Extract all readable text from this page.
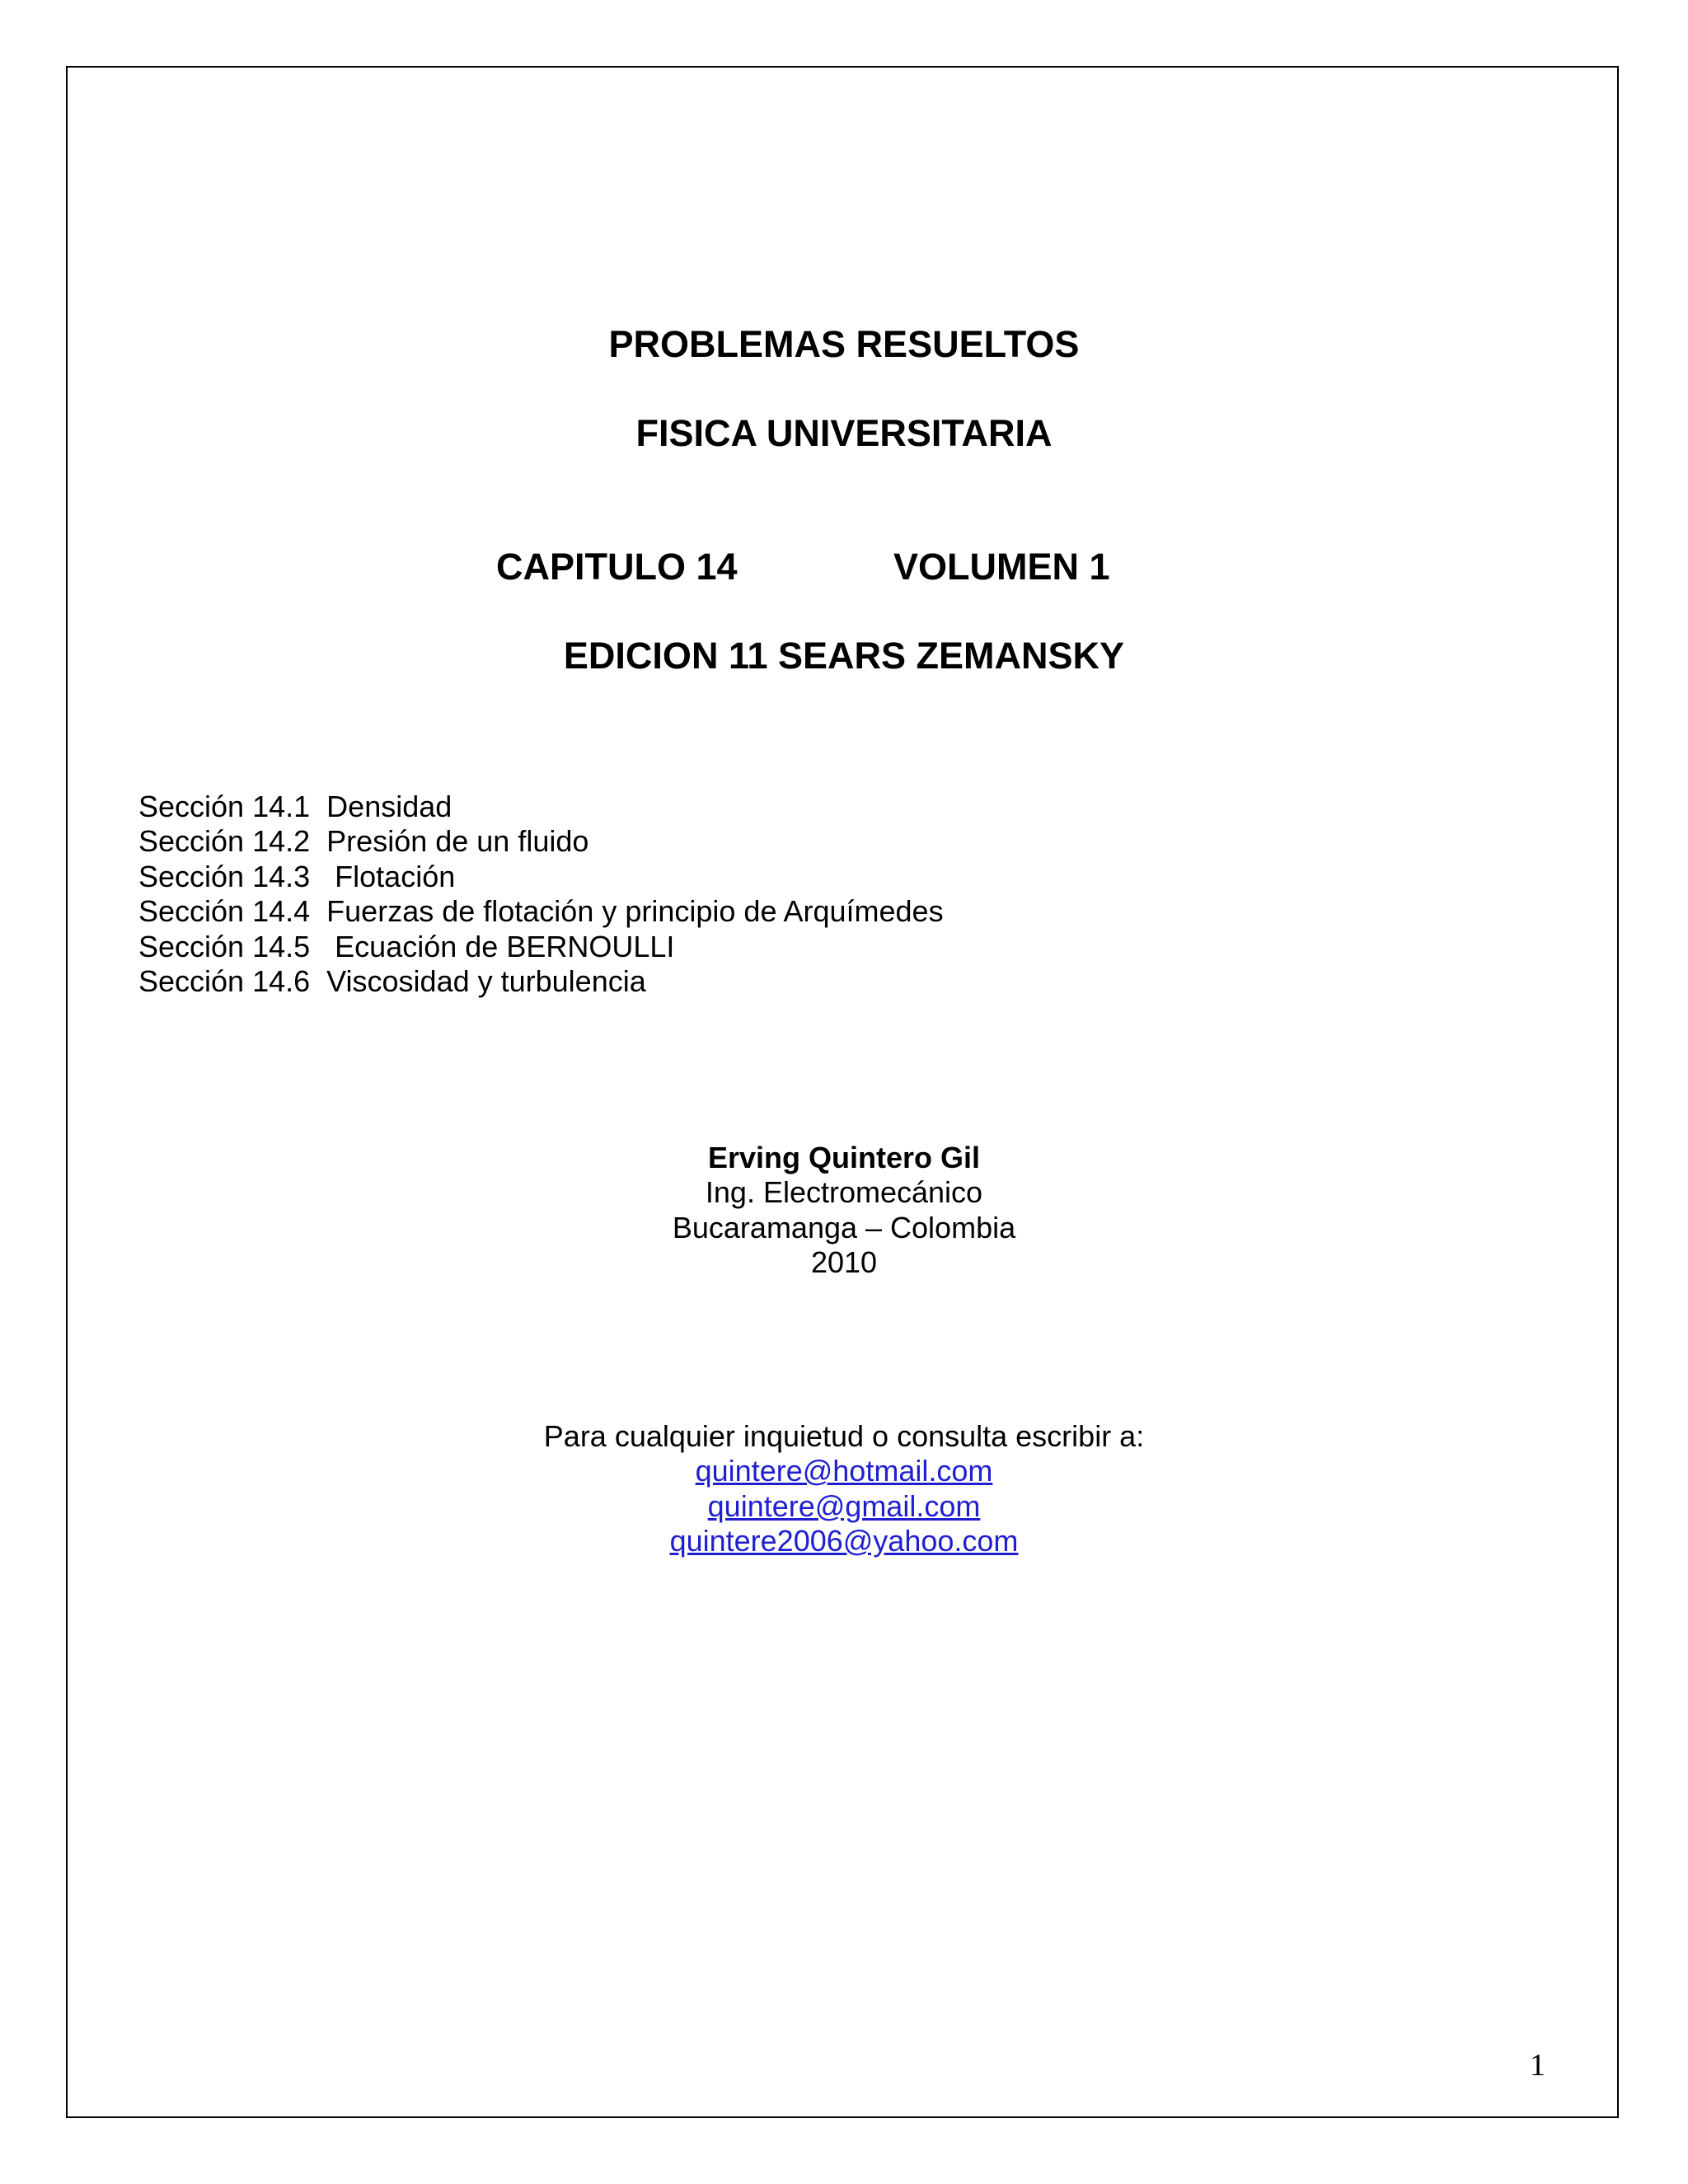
PROBLEMAS RESUELTOS
FISICA UNIVERSITARIA
CAPITULO 14	VOLUMEN 1
EDICION 11 SEARS ZEMANSKY
Sección 14.1 Densidad
Sección 14.2 Presión de un fluido
Sección 14.3   Flotación
Sección 14.4 Fuerzas de flotación y principio de Arquímedes
Sección 14.5   Ecuación de BERNOULLI
Sección 14.6 Viscosidad y turbulencia
Erving Quintero Gil
Ing. Electromecánico
Bucaramanga – Colombia
2010
Para cualquier inquietud o consulta escribir a:
quintere@hotmail.com
quintere@gmail.com
quintere2006@yahoo.com
1
